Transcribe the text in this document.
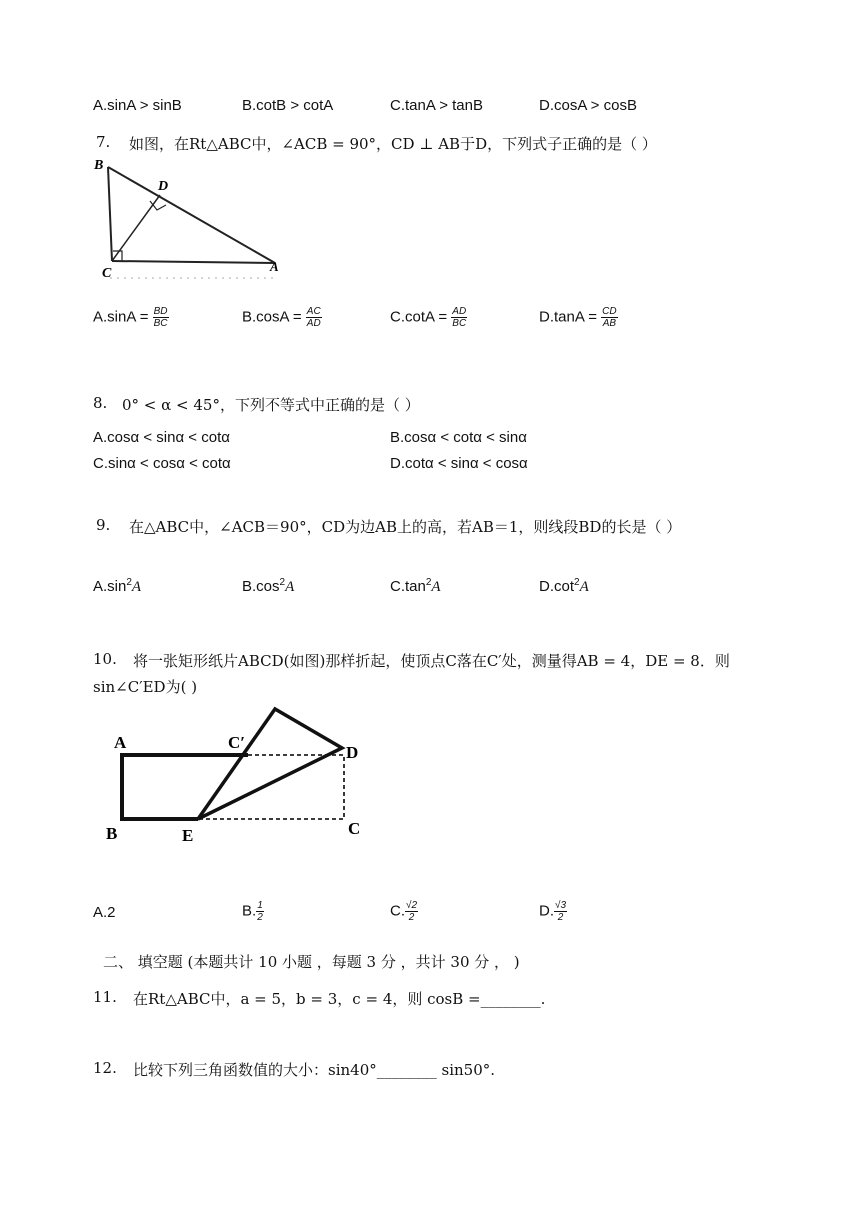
A.sinA > sinB	B.cotB > cotA	C.tanA > tanB	D.cosA > cosB
7. 如图，在Rt△ABC中，∠ACB = 90°，CD ⊥ AB于D，下列式子正确的是（ ）
B
D
C	A
$A.\sin A = \frac{BD}{BC}$	$B.\cos A = \frac{AC}{AD}$	$C.\cot A = \frac{AD}{BC}$	$D.\tan A = \frac{CD}{AB}$
8. 0° < α < 45°，下列不等式中正确的是（ ）
A.cosα < sinα < cotα	B.cosα < cotα < sinα
C.sinα < cosα < cotα	D.cotα < sinα < cosα
9. 在△ABC中，∠ACB＝90°，CD为边AB上的高，若AB＝1，则线段BD的长是（ ）
$A.\sin^2A$	$B.\cos^2A$	$C.\tan^2A$	$D.\cot^2A$
10. 将一张矩形纸片ABCD(如图)那样折起，使顶点C落在C′处，测量得AB = 4，DE = 8．则
sin∠C′ED为( )
A	C′
D
B	E	C
A.2	B. $\frac{1}{2}$	C. $\frac{√2}{2}$	D. $\frac{√3}{2}$
二、 填空题 (本题共计 10 小题 ，每题 3 分 ，共计 30 分 ， )
11. 在Rt△ABC中，a = 5，b = 3，c = 4，则 cosB =________.
12. 比较下列三角函数值的大小：sin40°________ sin50°.
